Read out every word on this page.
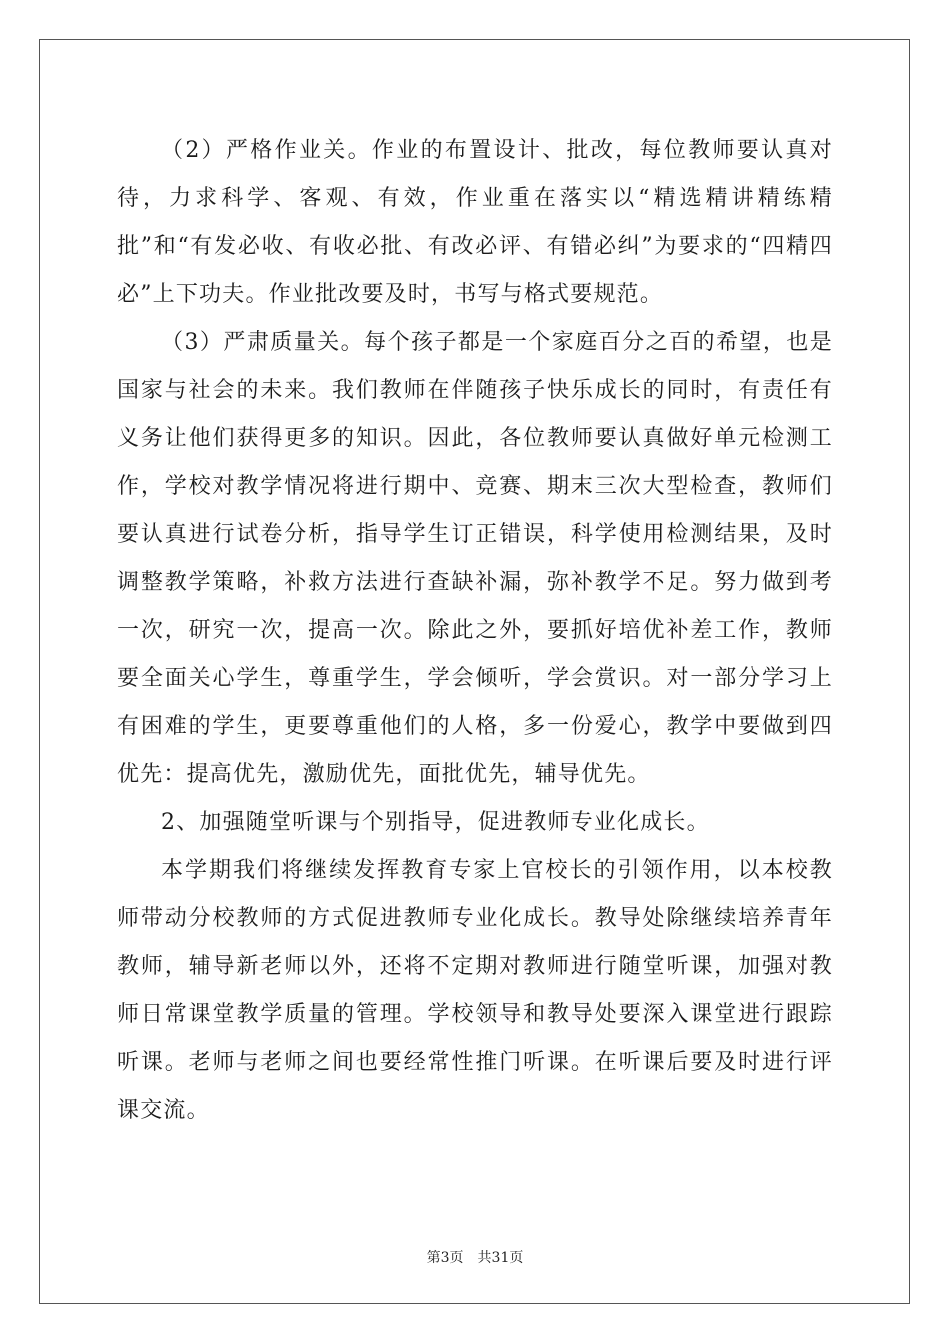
（2）严格作业关。作业的布置设计、批改，每位教师要认真对待，力求科学、客观、有效，作业重在落实以“精选精讲精练精批”和“有发必收、有收必批、有改必评、有错必纠”为要求的“四精四必”上下功夫。作业批改要及时，书写与格式要规范。

（3）严肃质量关。每个孩子都是一个家庭百分之百的希望，也是国家与社会的未来。我们教师在伴随孩子快乐成长的同时，有责任有义务让他们获得更多的知识。因此，各位教师要认真做好单元检测工作，学校对教学情况将进行期中、竞赛、期末三次大型检查，教师们要认真进行试卷分析，指导学生订正错误，科学使用检测结果，及时调整教学策略，补救方法进行查缺补漏，弥补教学不足。努力做到考一次，研究一次，提高一次。除此之外，要抓好培优补差工作，教师要全面关心学生，尊重学生，学会倾听，学会赏识。对一部分学习上有困难的学生，更要尊重他们的人格，多一份爱心，教学中要做到四优先：提高优先，激励优先，面批优先，辅导优先。

2、加强随堂听课与个别指导，促进教师专业化成长。

本学期我们将继续发挥教育专家上官校长的引领作用，以本校教师带动分校教师的方式促进教师专业化成长。教导处除继续培养青年教师，辅导新老师以外，还将不定期对教师进行随堂听课，加强对教师日常课堂教学质量的管理。学校领导和教导处要深入课堂进行跟踪听课。老师与老师之间也要经常性推门听课。在听课后要及时进行评课交流。

第3页 共31页
